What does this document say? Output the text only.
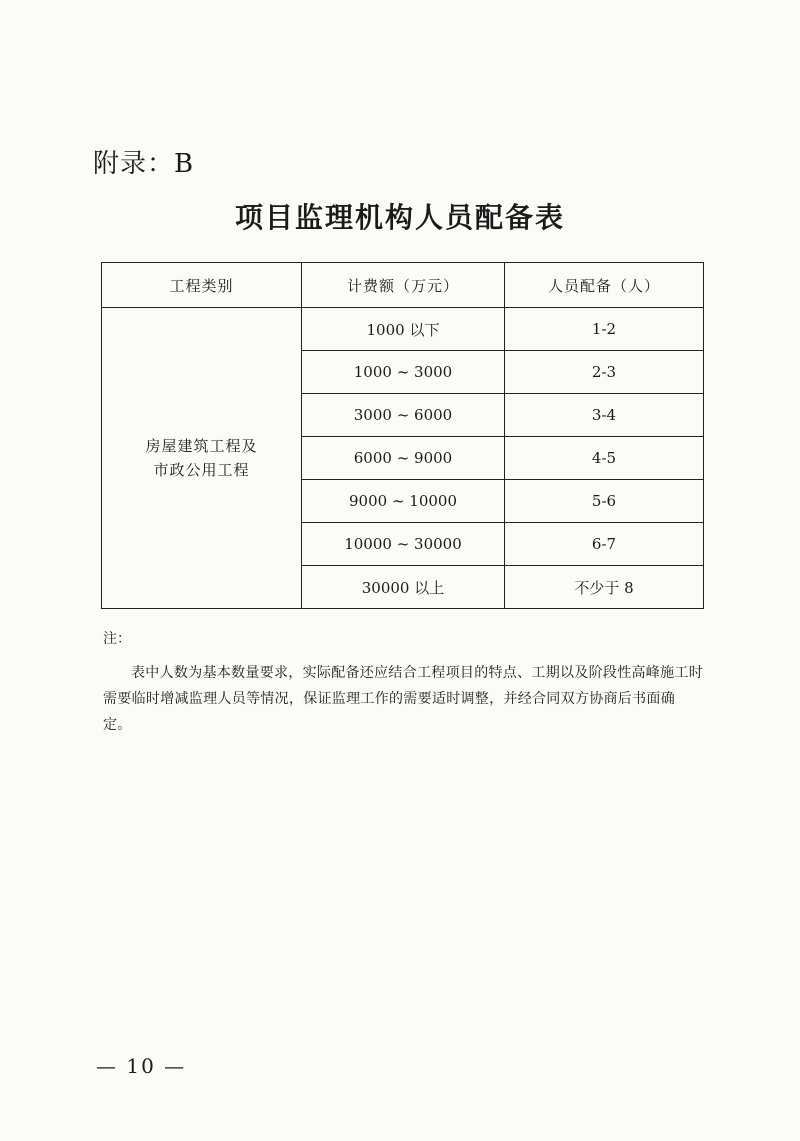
附录：B
项目监理机构人员配备表
工程类别	计费额（万元）	人员配备（人）

房屋建筑工程及
市政公用工程	1000 以下	1-2
	1000 ~ 3000	2-3
	3000 ~ 6000	3-4
	6000 ~ 9000	4-5
	9000 ~ 10000	5-6
	10000 ~ 30000	6-7
	30000 以上	不少于 8
注：
表中人数为基本数量要求，实际配备还应结合工程项目的特点、工期以及阶段性高峰施工时需要临时增减监理人员等情况，保证监理工作的需要适时调整，并经合同双方协商后书面确定。
— 10 —
